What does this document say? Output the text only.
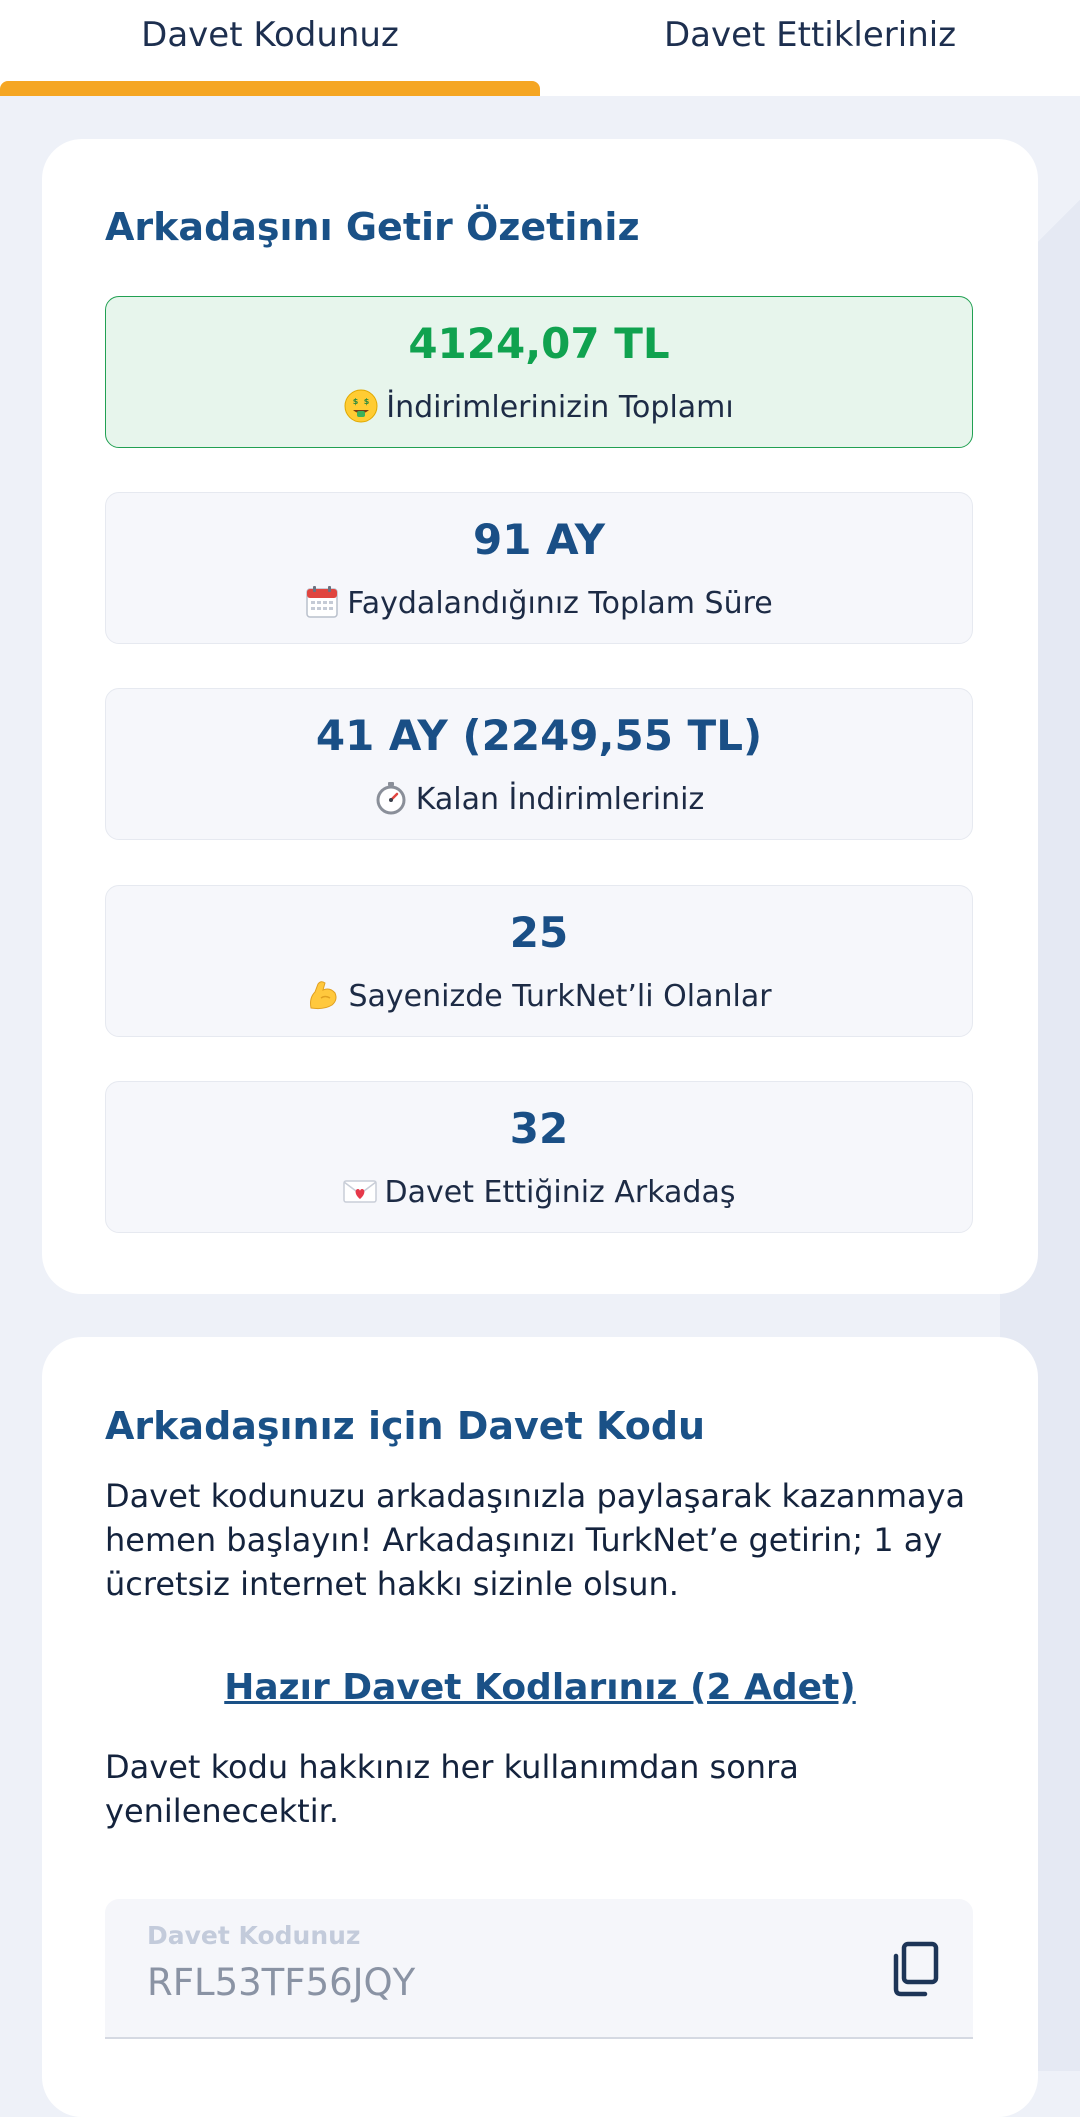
Davet Kodunuz	Davet Ettikleriniz
Arkadaşını Getir Özetiniz
4124,07 TL
$ $ İndirimlerinizin Toplamı
91 AY
Faydalandığınız Toplam Süre
41 AY (2249,55 TL)
Kalan İndirimleriniz
25
Sayenizde TurkNet’li Olanlar
32
Davet Ettiğiniz Arkadaş
Arkadaşınız için Davet Kodu
Davet kodunuzu arkadaşınızla paylaşarak kazanmaya hemen başlayın! Arkadaşınızı TurkNet’e getirin; 1 ay ücretsiz internet hakkı sizinle olsun.
Hazır Davet Kodlarınız (2 Adet)
Davet kodu hakkınız her kullanımdan sonra yenilenecektir.
Davet Kodunuz
RFL53TF56JQY
